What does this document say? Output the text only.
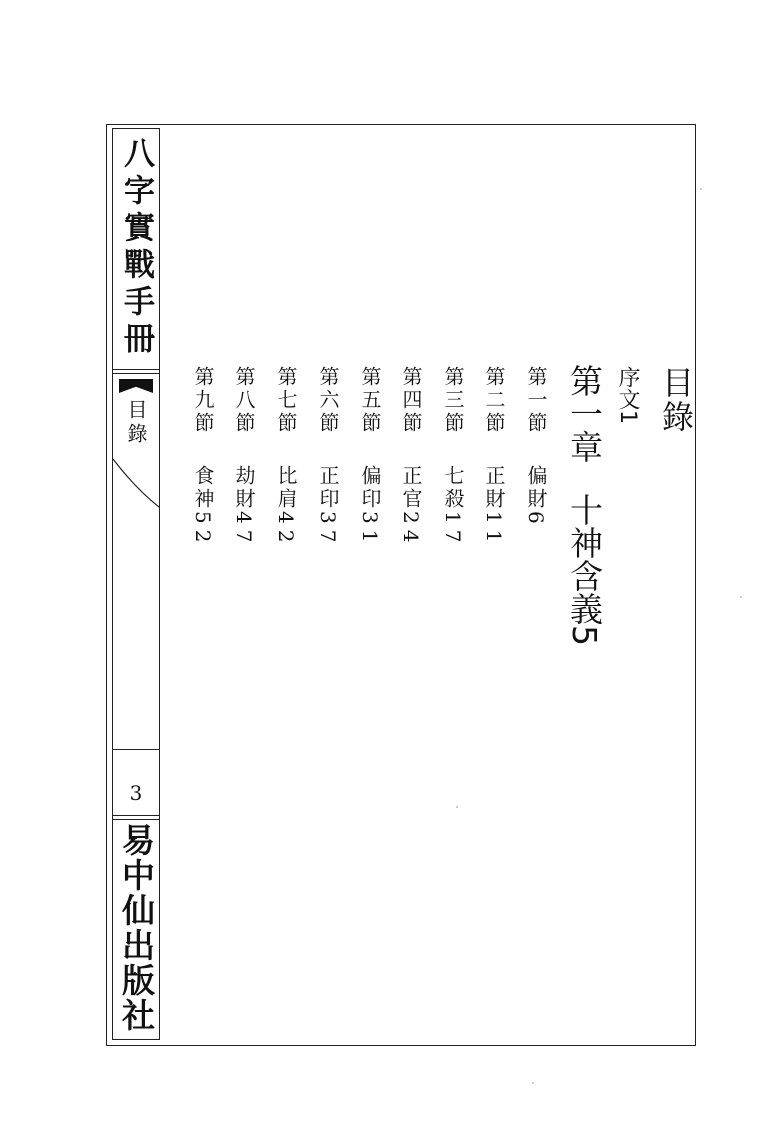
八字實戰手冊
目錄
3
易中仙出版社
目錄
序文1
第一章十神含義5
第一節偏財6
第二節正財11
第三節七殺17
第四節正官24
第五節偏印31
第六節正印37
第七節比肩42
第八節劫財47
第九節食神52
